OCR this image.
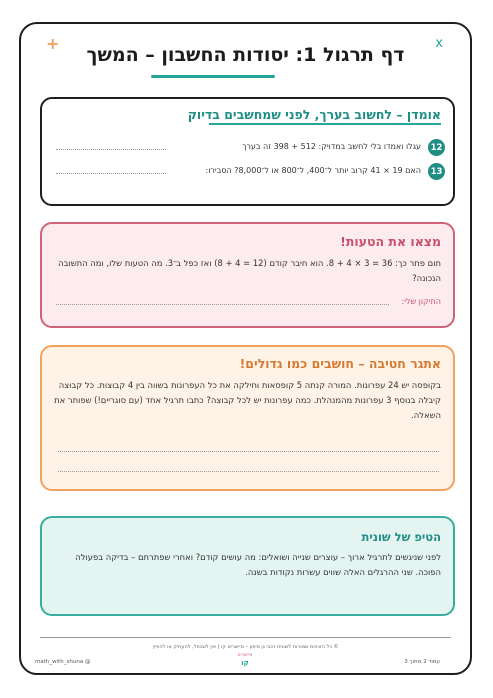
x
+
דף תרגול 1: יסודות החשבון – המשך
אומדן – לחשוב בערך, לפני שמחשבים בדיוק
12
עגלו ואמדו בלי לחשב במדויק: 512 + 398 זה בערך
13
האם 19 × 41 קרוב יותר ל־400, ל־800 או ל־8,000? הסבירו:
מצאו את הטעות!

תום פתר כך: 36 = 3 × 4 + 8. הוא חיבר קודם (12 = 4 + 8) ואז כפל ב־3. מה הטעות שלו, ומה התשובה הנכונה?

התיקון שלי:
אתגר חטיבה – חושבים כמו גדולים!

בקופסה יש 24 עפרונות. המורה קנתה 5 קופסאות וחילקה את כל העפרונות בשווה בין 4 קבוצות. כל קבוצה קיבלה בנוסף 3 עפרונות מהמנהלת. כמה עפרונות יש לכל קבוצה? כתבו תרגיל אחד (עם סוגריים!) שפותר את השאלה.

הטיפ של שונית

לפני שניגשים לתרגיל ארוך – עוצרים שנייה ושואלים: מה עושים קודם? ואחרי שפתרתם – בדיקה בפעולה הפוכה. שני ההרגלים האלה שווים עשרות נקודות בשנה.

© כל הזכויות שמורות לשונית זהבי גן סיפון – מיישרים קו | אין לשכפל, להעתיק או להפיץ
מיישרים
קו	עמוד 2 מתוך 3
math_with_shuna @
